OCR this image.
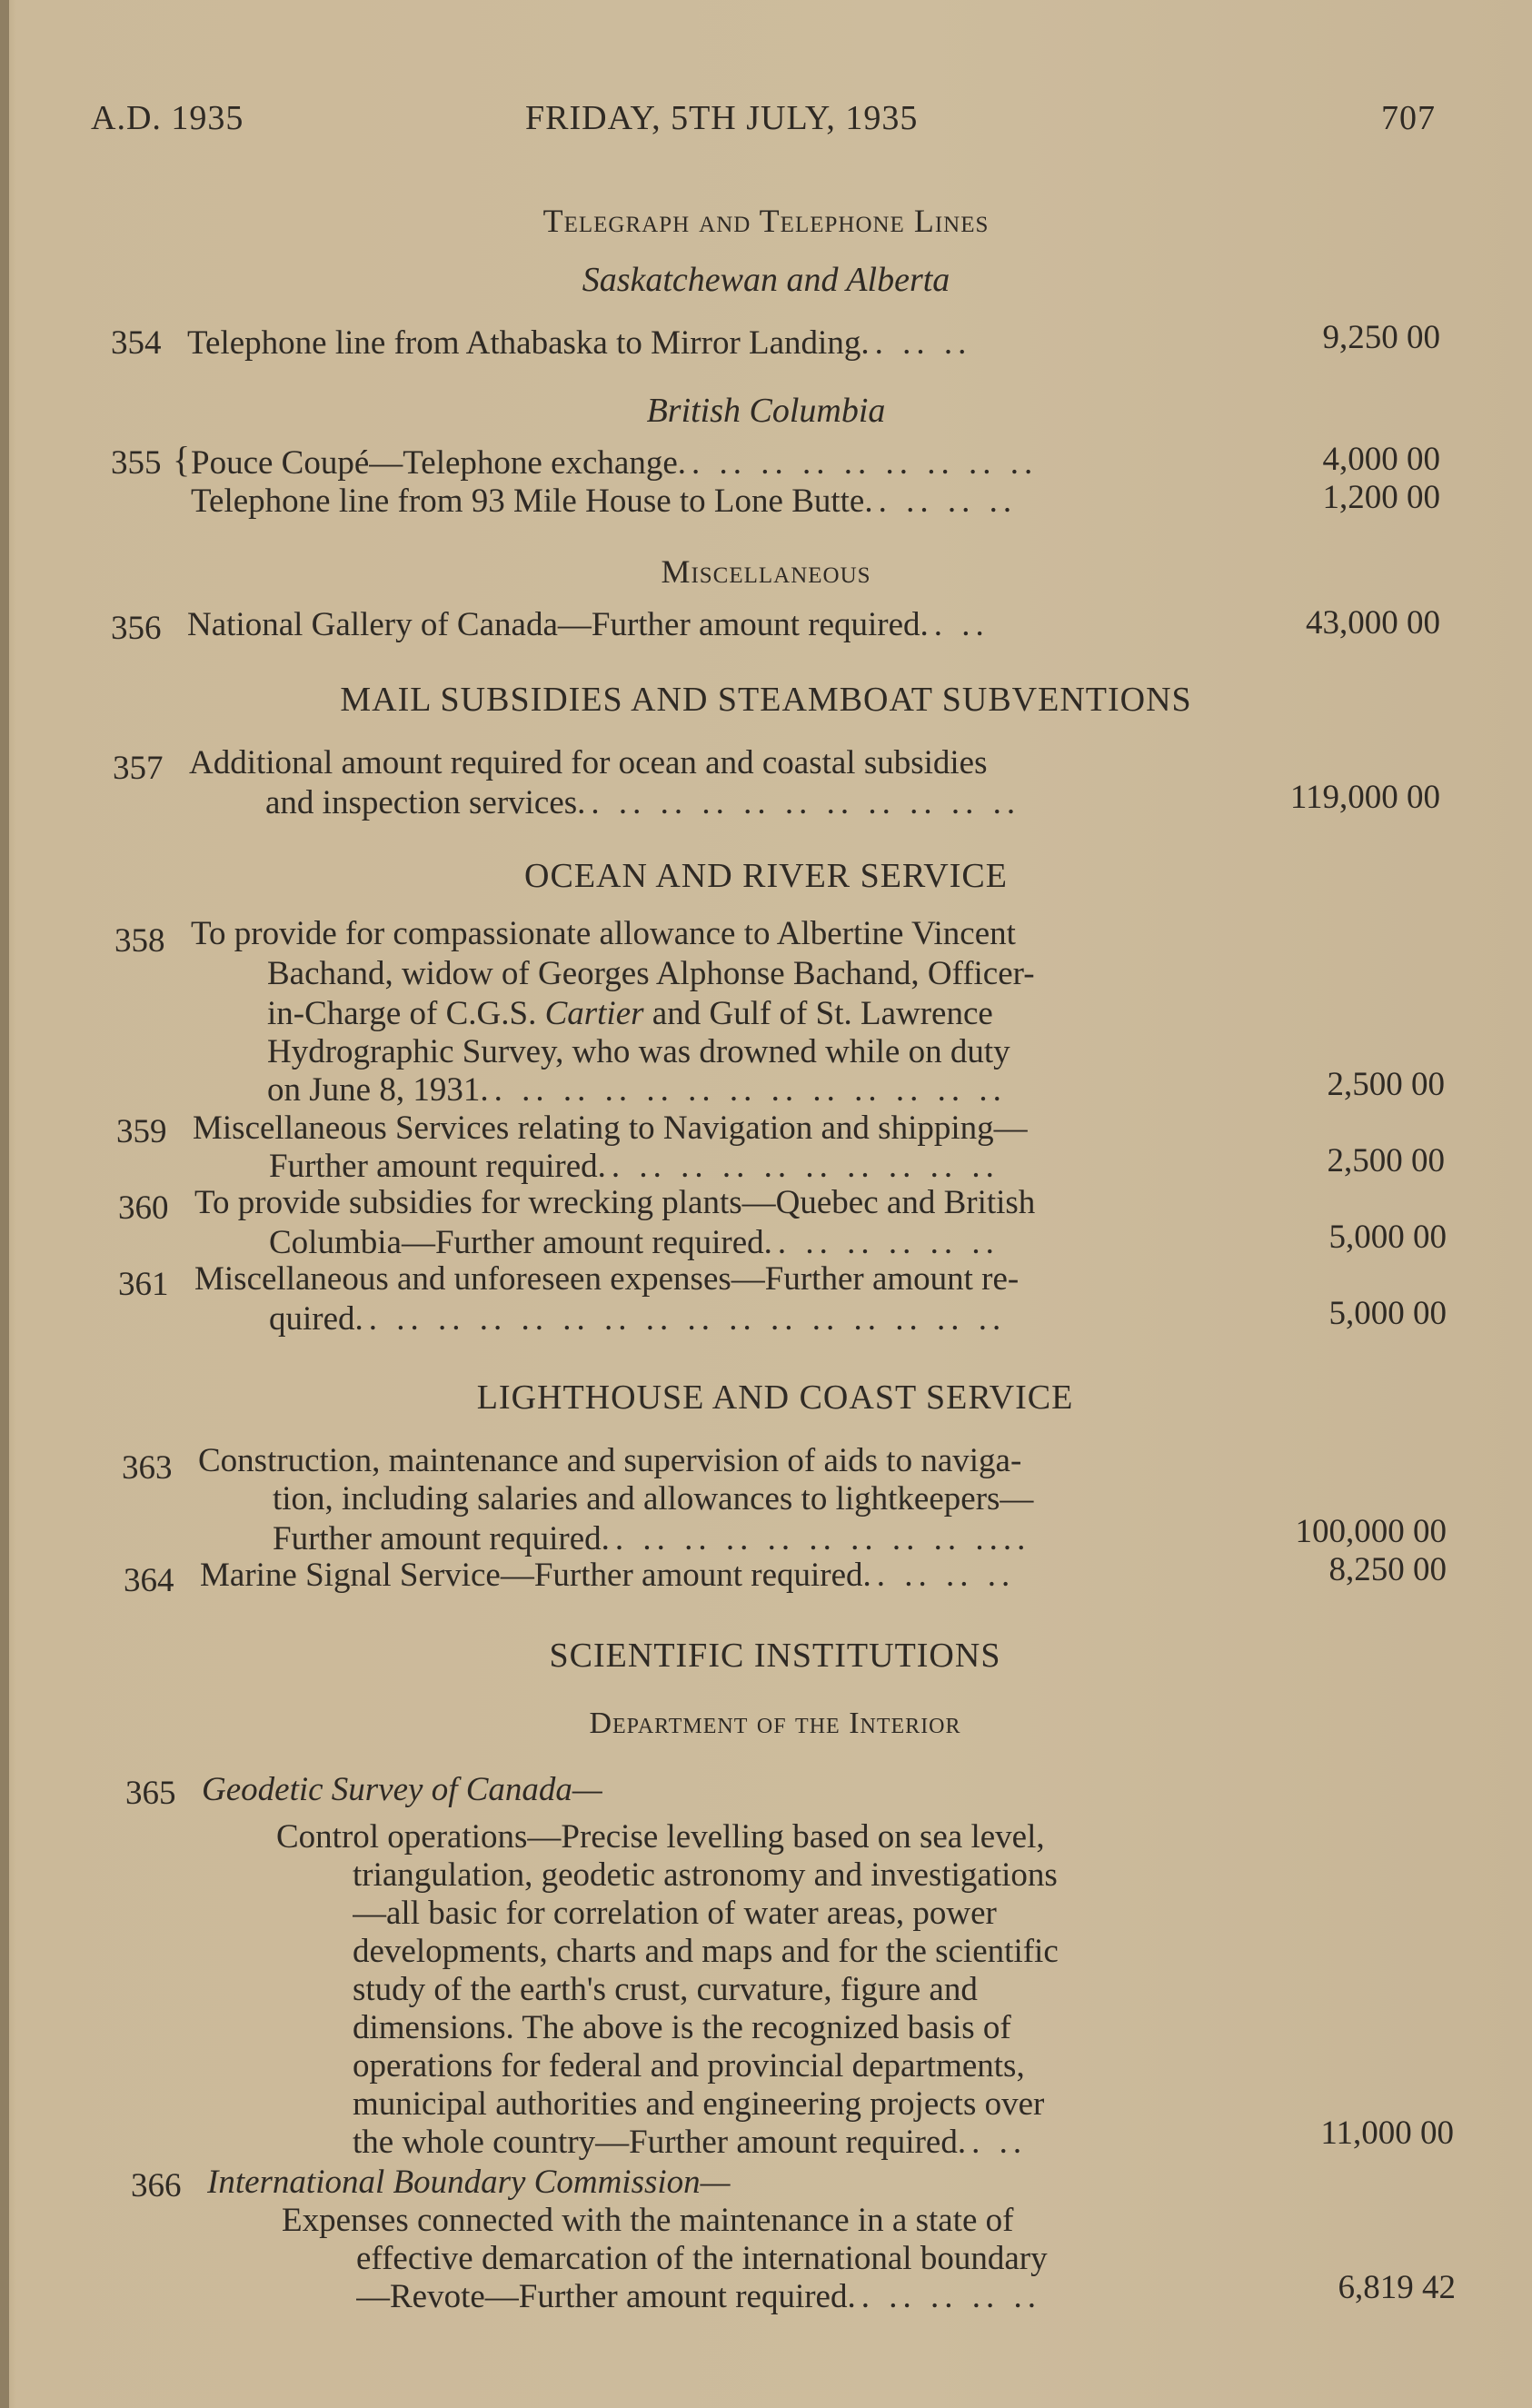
A.D. 1935	FRIDAY, 5TH JULY, 1935	707
Telegraph and Telephone Lines
Saskatchewan and Alberta
354 Telephone line from Athabaska to Mirror Landing.. .. ..	9,250 00
British Columbia
355 { Pouce Coupé—Telephone exchange.. .. .. .. .. .. .. .. ..	4,000 00
Telephone line from 93 Mile House to Lone Butte.. .. .. ..	1,200 00
Miscellaneous
356 National Gallery of Canada—Further amount required.. ..	43,000 00
MAIL SUBSIDIES AND STEAMBOAT SUBVENTIONS
357 Additional amount required for ocean and coastal subsidies
and inspection services.. .. .. .. .. .. .. .. .. .. ..	119,000 00
OCEAN AND RIVER SERVICE
358 To provide for compassionate allowance to Albertine Vincent
Bachand, widow of Georges Alphonse Bachand, Officer-
in-Charge of C.G.S. Cartier and Gulf of St. Lawrence
Hydrographic Survey, who was drowned while on duty
on June 8, 1931.. .. .. .. .. .. .. .. .. .. .. .. ..	2,500 00
359 Miscellaneous Services relating to Navigation and shipping—
Further amount required.. .. .. .. .. .. .. .. .. ..	2,500 00
360 To provide subsidies for wrecking plants—Quebec and British
Columbia—Further amount required.. .. .. .. .. ..	5,000 00
361 Miscellaneous and unforeseen expenses—Further amount re-
quired.. .. .. .. .. .. .. .. .. .. .. .. .. .. .. ..	5,000 00
LIGHTHOUSE AND COAST SERVICE
363 Construction, maintenance and supervision of aids to naviga-
tion, including salaries and allowances to lightkeepers—
Further amount required.. .. .. .. .. .. .. .. .. ....	100,000 00
364 Marine Signal Service—Further amount required.. .. .. ..	8,250 00
SCIENTIFIC INSTITUTIONS
Department of the Interior
365 Geodetic Survey of Canada—
Control operations—Precise levelling based on sea level,
triangulation, geodetic astronomy and investigations
—all basic for correlation of water areas, power
developments, charts and maps and for the scientific
study of the earth's crust, curvature, figure and
dimensions. The above is the recognized basis of
operations for federal and provincial departments,
municipal authorities and engineering projects over
the whole country—Further amount required.. ..	11,000 00
366 International Boundary Commission—
Expenses connected with the maintenance in a state of
effective demarcation of the international boundary
—Revote—Further amount required.. .. .. .. ..	6,819 42
